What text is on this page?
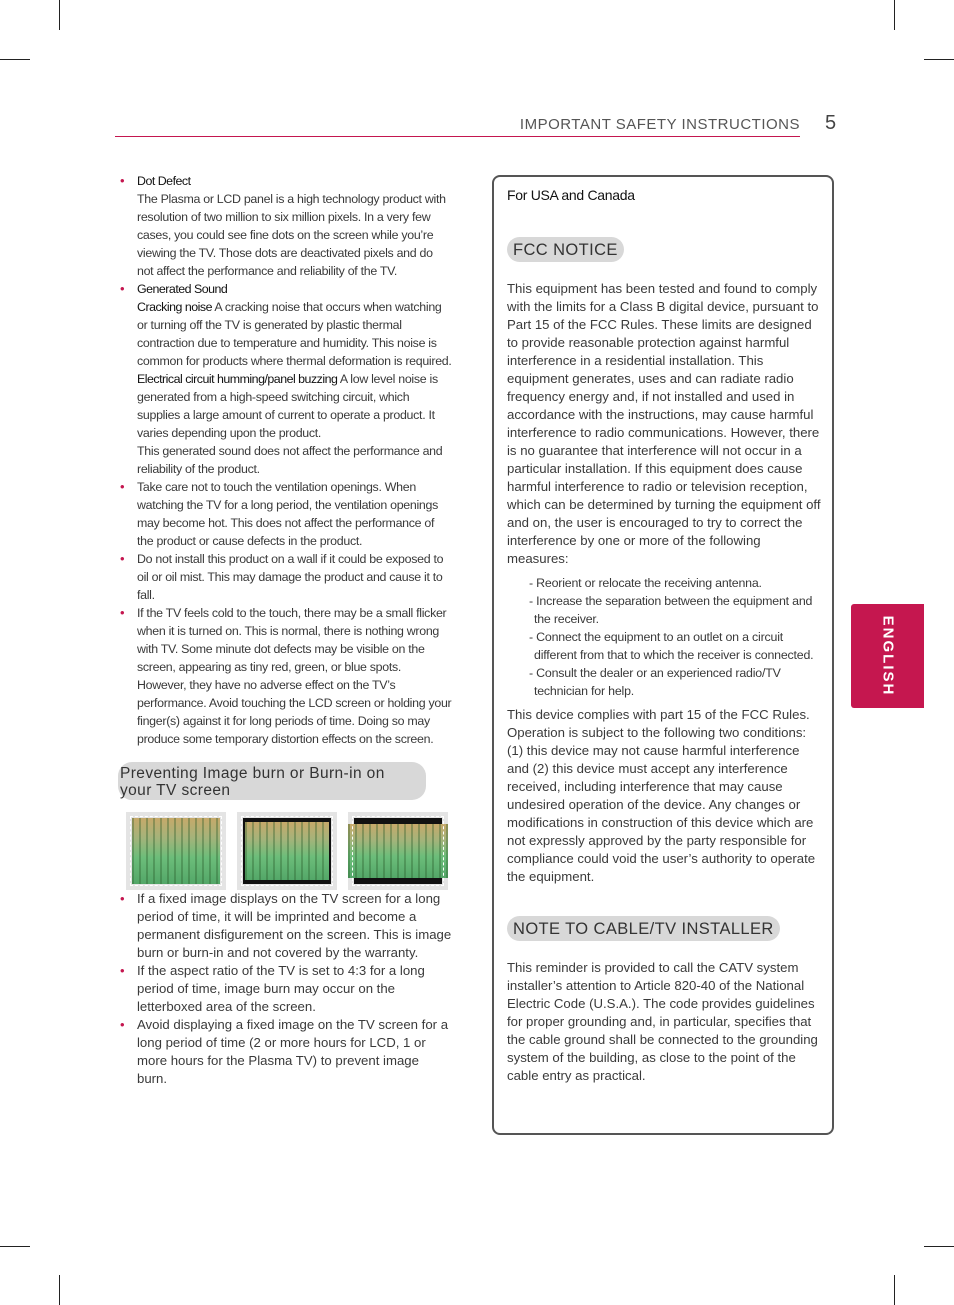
IMPORTANT SAFETY INSTRUCTIONS 5
ENGLISH
• Dot Defect
The Plasma or LCD panel is a high technology product with resolution of two million to six million pixels. In a very few cases, you could see fine dots on the screen while you’re viewing the TV. Those dots are deactivated pixels and do not affect the performance and reliability of the TV.
• Generated Sound
Cracking noise A cracking noise that occurs when watching or turning off the TV is generated by plastic thermal contraction due to temperature and humidity. This noise is common for products where thermal deformation is required.
Electrical circuit humming/panel buzzing A low level noise is generated from a high-speed switching circuit, which supplies a large amount of current to operate a product. It varies depending upon the product.
This generated sound does not affect the performance and reliability of the product.
• Take care not to touch the ventilation openings. When watching the TV for a long period, the ventilation openings may become hot. This does not affect the performance of the product or cause defects in the product.
• Do not install this product on a wall if it could be exposed to oil or oil mist. This may damage the product and cause it to fall.
• If the TV feels cold to the touch, there may be a small flicker when it is turned on. This is normal, there is nothing wrong with TV. Some minute dot defects may be visible on the screen, appearing as tiny red, green, or blue spots. However, they have no adverse effect on the TV’s performance. Avoid touching the LCD screen or holding your finger(s) against it for long periods of time. Doing so may produce some temporary distortion effects on the screen.
Preventing Image burn or Burn-in on
your TV screen
• If a fixed image displays on the TV screen for a long period of time, it will be imprinted and become a permanent disfigurement on the screen. This is image burn or burn-in and not covered by the warranty.
• If the aspect ratio of the TV is set to 4:3 for a long period of time, image burn may occur on the letterboxed area of the screen.
• Avoid displaying a fixed image on the TV screen for a long period of time (2 or more hours for LCD, 1 or more hours for the Plasma TV) to prevent image burn.
For USA and Canada
FCC NOTICE

This equipment has been tested and found to comply with the limits for a Class B digital device, pursuant to Part 15 of the FCC Rules. These limits are designed to provide reasonable protection against harmful interference in a residential installation. This equipment generates, uses and can radiate radio frequency energy and, if not installed and used in accordance with the instructions, may cause harmful interference to radio communications. However, there is no guarantee that interference will not occur in a particular installation. If this equipment does cause harmful interference to radio or television reception, which can be determined by turning the equipment off and on, the user is encouraged to try to correct the interference by one or more of the following measures:

- Reorient or relocate the receiving antenna.
- Increase the separation between the equipment and the receiver.
- Connect the equipment to an outlet on a circuit different from that to which the receiver is connected.
- Consult the dealer or an experienced radio/TV technician for help.

This device complies with part 15 of the FCC Rules. Operation is subject to the following two conditions: (1) this device may not cause harmful interference and (2) this device must accept any interference received, including interference that may cause undesired operation of the device. Any changes or modifications in construction of this device which are not expressly approved by the party responsible for compliance could void the user’s authority to operate the equipment.

NOTE TO CABLE/TV INSTALLER

This reminder is provided to call the CATV system installer’s attention to Article 820-40 of the National Electric Code (U.S.A.). The code provides guidelines for proper grounding and, in particular, specifies that the cable ground shall be connected to the grounding system of the building, as close to the point of the cable entry as practical.
